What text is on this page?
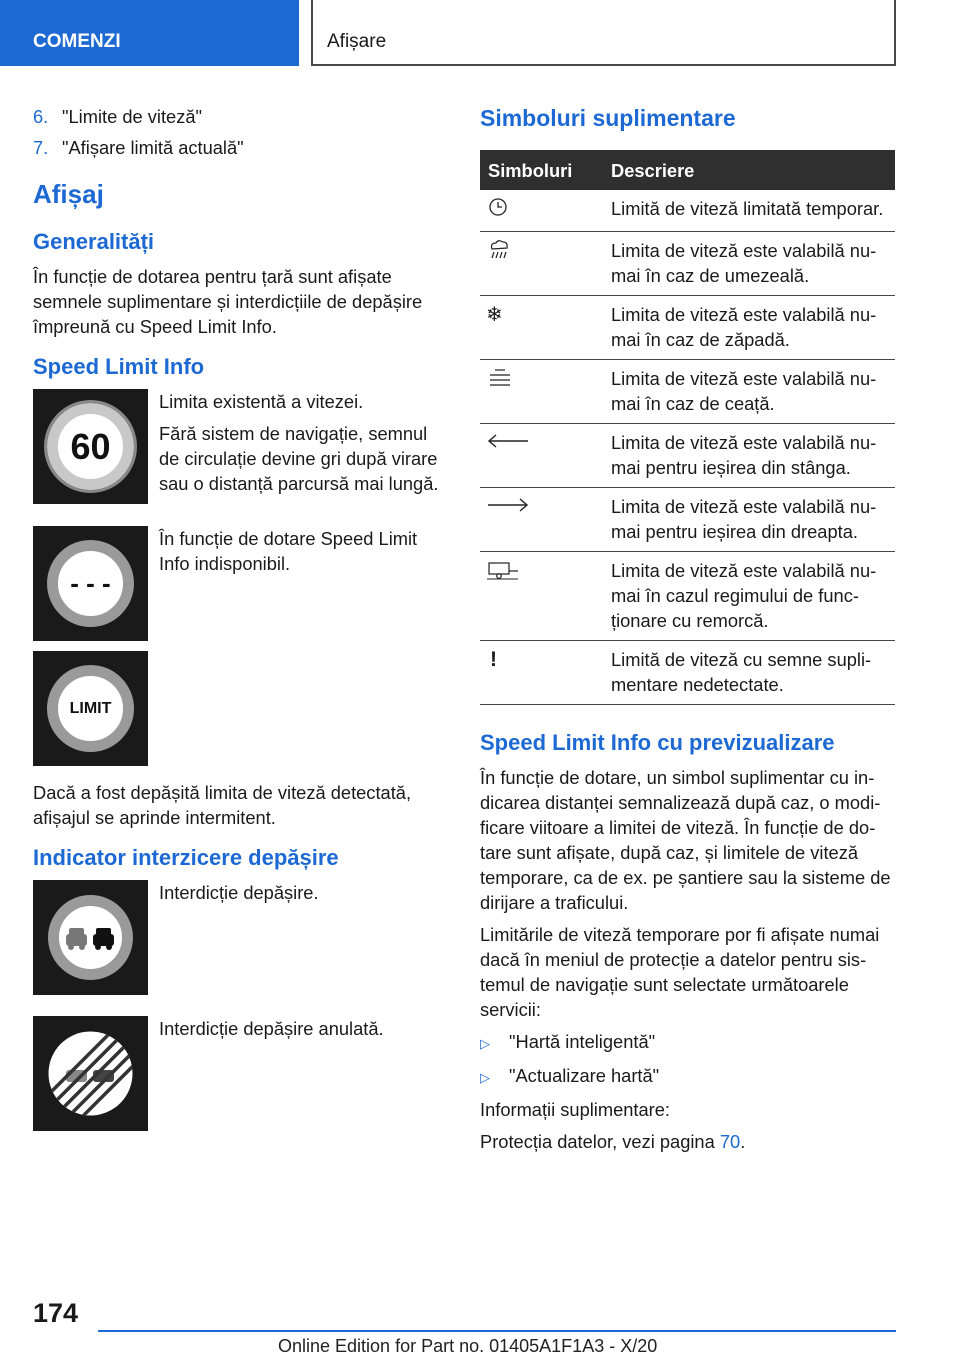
COMENZI	Afișare
6. "Limite de viteză"
7. "Afișare limită actuală"
Afișaj
Generalități
În funcție de dotarea pentru țară sunt afișate semnele suplimentare și interdicțiile de depășire împreună cu Speed Limit Info.
Speed Limit Info
60
Limita existentă a vitezei.
Fără sistem de navigație, semnul de circulație devine gri după virare sau o distanță parcursă mai lungă.
- - -
În funcție de dotare Speed Limit Info indisponibil.
LIMIT
Dacă a fost depășită limita de viteză detectată, afișajul se aprinde intermitent.
Indicator interzicere depășire
Interdicție depășire.
Interdicție depășire anulată.
Simboluri suplimentare
Simboluri	Descriere
	Limită de viteză limitată temporar.
	Limita de viteză este valabilă numai în caz de umezeală.
❄	Limita de viteză este valabilă numai în caz de zăpadă.
	Limita de viteză este valabilă numai în caz de ceață.
	Limita de viteză este valabilă numai pentru ieșirea din stânga.
	Limita de viteză este valabilă numai pentru ieșirea din dreapta.
	Limita de viteză este valabilă numai în cazul regimului de funcționare cu remorcă.
!	Limită de viteză cu semne suplimentare nedetectate.
Speed Limit Info cu previzualizare
În funcție de dotare, un simbol suplimentar cu indicarea distanței semnalizează după caz, o modificare viitoare a limitei de viteză. În funcție de dotare sunt afișate, după caz, și limitele de viteză temporare, ca de ex. pe șantiere sau la sisteme de dirijare a traficului.
Limitările de viteză temporare por fi afișate numai dacă în meniul de protecție a datelor pentru sistemul de navigație sunt selectate următoarele servicii:
▷	"Hartă inteligentă"
▷	"Actualizare hartă"
Informații suplimentare:
Protecția datelor, vezi pagina 70.
174
Online Edition for Part no. 01405A1F1A3 - X/20
